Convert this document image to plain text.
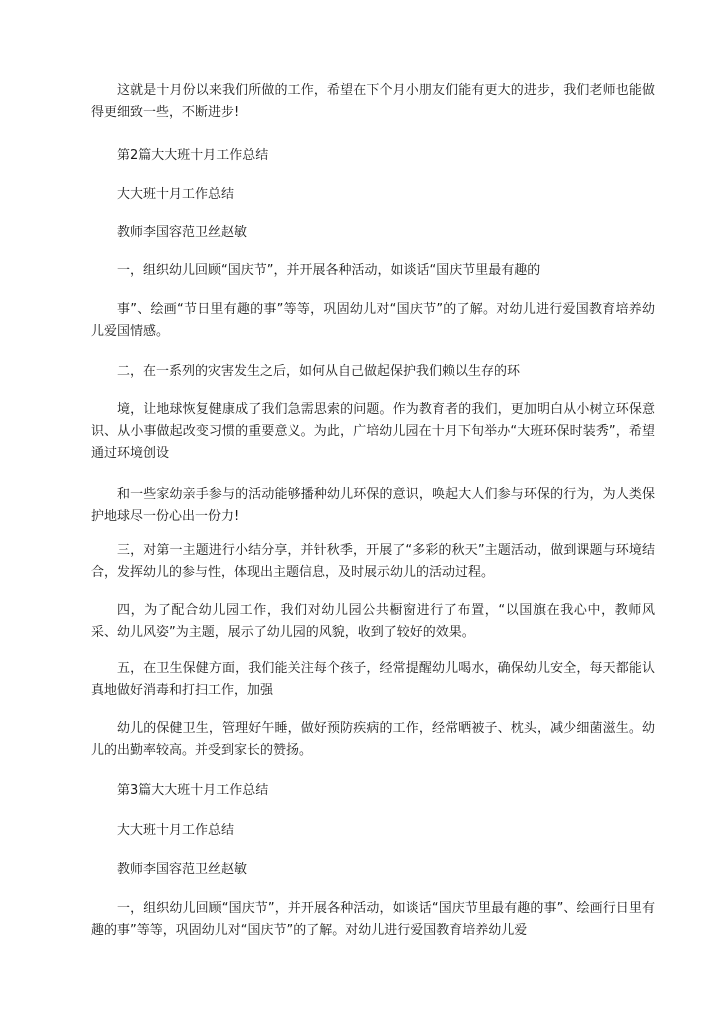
这就是十月份以来我们所做的工作，希望在下个月小朋友们能有更大的进步，我们老师也能做得更细致一些，不断进步!

第2篇大大班十月工作总结

大大班十月工作总结

教师李国容范卫丝赵敏

一，组织幼儿回顾“国庆节”，并开展各种活动，如谈话“国庆节里最有趣的

事”、绘画“节日里有趣的事”等等，巩固幼儿对“国庆节”的了解。对幼儿进行爱国教育培养幼儿爱国情感。

二，在一系列的灾害发生之后，如何从自己做起保护我们赖以生存的环

境，让地球恢复健康成了我们急需思索的问题。作为教育者的我们，更加明白从小树立环保意识、从小事做起改变习惯的重要意义。为此，广培幼儿园在十月下旬举办“大班环保时装秀”，希望通过环境创设

和一些家幼亲手参与的活动能够播种幼儿环保的意识，唤起大人们参与环保的行为，为人类保护地球尽一份心出一份力!

三，对第一主题进行小结分享，并针秋季，开展了“多彩的秋天”主题活动，做到课题与环境结合，发挥幼儿的参与性，体现出主题信息，及时展示幼儿的活动过程。

四，为了配合幼儿园工作，我们对幼儿园公共橱窗进行了布置，“以国旗在我心中，教师风采、幼儿风姿”为主题，展示了幼儿园的风貌，收到了较好的效果。

五，在卫生保健方面，我们能关注每个孩子，经常提醒幼儿喝水，确保幼儿安全，每天都能认真地做好消毒和打扫工作，加强

幼儿的保健卫生，管理好午睡，做好预防疾病的工作，经常晒被子、枕头，减少细菌滋生。幼儿的出勤率较高。并受到家长的赞扬。

第3篇大大班十月工作总结

大大班十月工作总结

教师李国容范卫丝赵敏

一，组织幼儿回顾“国庆节”，并开展各种活动，如谈话“国庆节里最有趣的事”、绘画行日里有趣的事”等等，巩固幼儿对“国庆节”的了解。对幼儿进行爱国教育培养幼儿爱
